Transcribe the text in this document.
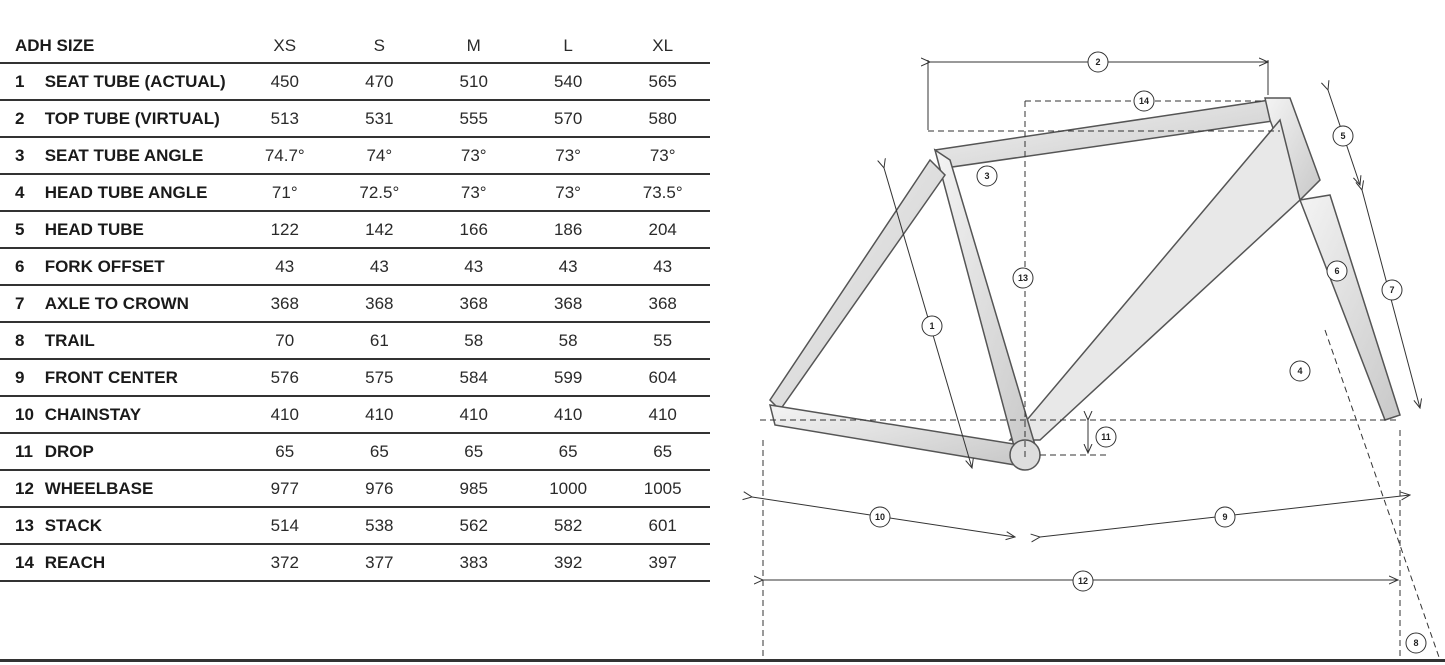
ADH SIZE		XS	S	M	L	XL
1	SEAT TUBE (ACTUAL)	450	470	510	540	565
2	TOP TUBE (VIRTUAL)	513	531	555	570	580
3	SEAT TUBE ANGLE	74.7°	74°	73°	73°	73°
4	HEAD TUBE ANGLE	71°	72.5°	73°	73°	73.5°
5	HEAD TUBE	122	142	166	186	204
6	FORK OFFSET	43	43	43	43	43
7	AXLE TO CROWN	368	368	368	368	368
8	TRAIL	70	61	58	58	55
9	FRONT CENTER	576	575	584	599	604
10	CHAINSTAY	410	410	410	410	410
11	DROP	65	65	65	65	65
12	WHEELBASE	977	976	985	1000	1005
13	STACK	514	538	562	582	601
14	REACH	372	377	383	392	397
2
14
5
3
13
6
7
1
4
11
10	9
12
8
